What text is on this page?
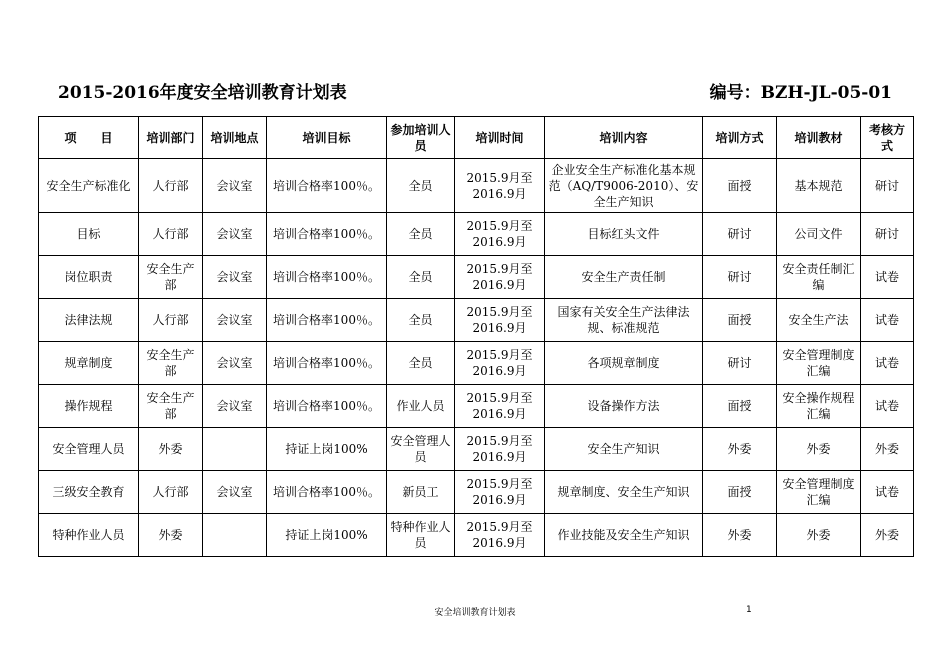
2015-2016年度安全培训教育计划表	编号：BZH-JL-05-01
项　　目	培训部门	培训地点	培训目标	参加培训人员	培训时间	培训内容	培训方式	培训教材	考核方式
安全生产标准化	人行部	会议室	培训合格率100％。	全员	2015.9月至2016.9月	企业安全生产标准化基本规范（AQ/T9006-2010）、安全生产知识	面授	基本规范	研讨
目标	人行部	会议室	培训合格率100％。	全员	2015.9月至2016.9月	目标红头文件	研讨	公司文件	研讨
岗位职责	安全生产部	会议室	培训合格率100％。	全员	2015.9月至2016.9月	安全生产责任制	研讨	安全责任制汇编	试卷
法律法规	人行部	会议室	培训合格率100％。	全员	2015.9月至2016.9月	国家有关安全生产法律法规、标准规范	面授	安全生产法	试卷
规章制度	安全生产部	会议室	培训合格率100％。	全员	2015.9月至2016.9月	各项规章制度	研讨	安全管理制度汇编	试卷
操作规程	安全生产部	会议室	培训合格率100％。	作业人员	2015.9月至2016.9月	设备操作方法	面授	安全操作规程汇编	试卷
安全管理人员	外委		持证上岗100%	安全管理人员	2015.9月至2016.9月	安全生产知识	外委	外委	外委
三级安全教育	人行部	会议室	培训合格率100％。	新员工	2015.9月至2016.9月	规章制度、安全生产知识	面授	安全管理制度汇编	试卷
特种作业人员	外委		持证上岗100%	特种作业人员	2015.9月至2016.9月	作业技能及安全生产知识	外委	外委	外委
安全培训教育计划表	1
